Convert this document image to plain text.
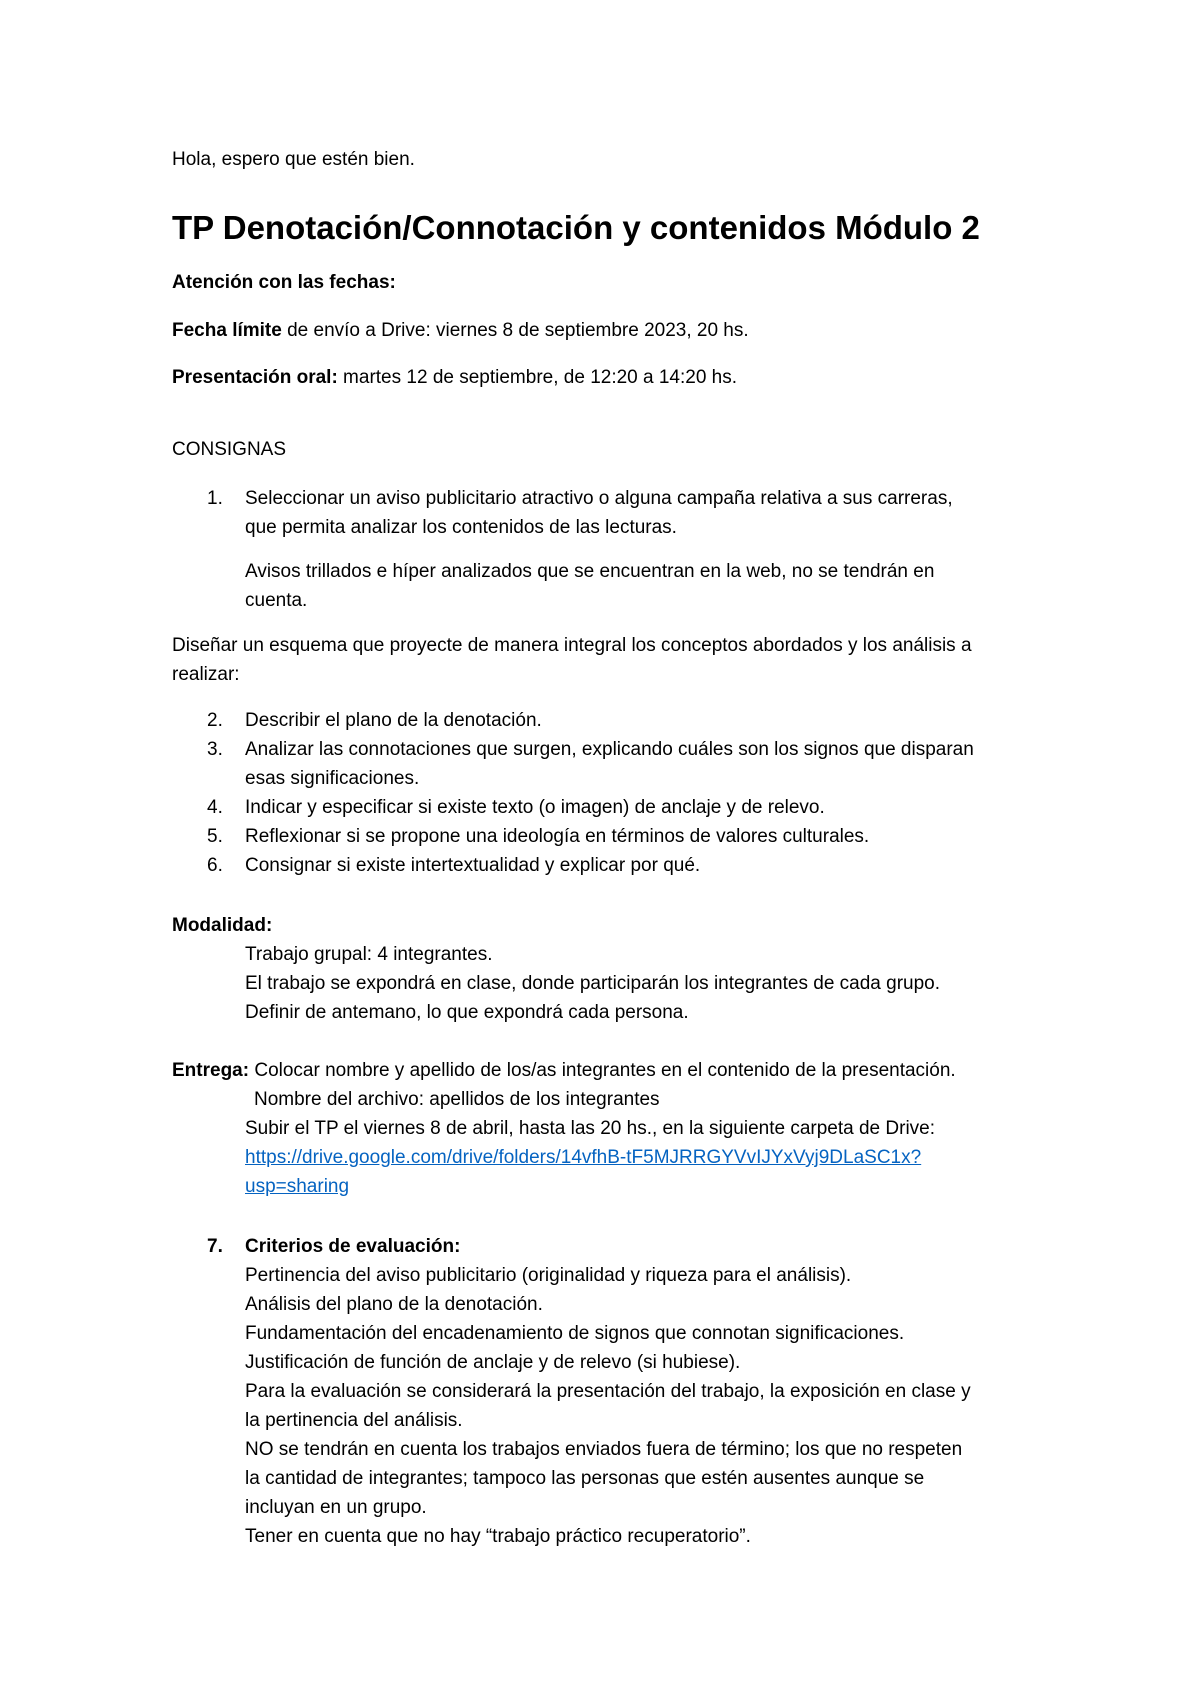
Hola, espero que estén bien.
TP Denotación/Connotación y contenidos Módulo 2
Atención con las fechas:
Fecha límite de envío a Drive: viernes 8 de septiembre 2023, 20 hs.
Presentación oral: martes 12 de septiembre, de 12:20 a 14:20 hs.
CONSIGNAS
1. Seleccionar un aviso publicitario atractivo o alguna campaña relativa a sus carreras,
que permita analizar los contenidos de las lecturas.
Avisos trillados e híper analizados que se encuentran en la web, no se tendrán en
cuenta.
Diseñar un esquema que proyecte de manera integral los conceptos abordados y los análisis a
realizar:
2. Describir el plano de la denotación.
3. Analizar las connotaciones que surgen, explicando cuáles son los signos que disparan
esas significaciones.
4. Indicar y especificar si existe texto (o imagen) de anclaje y de relevo.
5. Reflexionar si se propone una ideología en términos de valores culturales.
6. Consignar si existe intertextualidad y explicar por qué.
Modalidad:
Trabajo grupal: 4 integrantes.
El trabajo se expondrá en clase, donde participarán los integrantes de cada grupo.
Definir de antemano, lo que expondrá cada persona.
Entrega: Colocar nombre y apellido de los/as integrantes en el contenido de la presentación.
Nombre del archivo: apellidos de los integrantes
Subir el TP el viernes 8 de abril, hasta las 20 hs., en la siguiente carpeta de Drive:
https://drive.google.com/drive/folders/14vfhB-tF5MJRRGYVvIJYxVyj9DLaSC1x?
usp=sharing
7. Criterios de evaluación:
Pertinencia del aviso publicitario (originalidad y riqueza para el análisis).
Análisis del plano de la denotación.
Fundamentación del encadenamiento de signos que connotan significaciones.
Justificación de función de anclaje y de relevo (si hubiese).
Para la evaluación se considerará la presentación del trabajo, la exposición en clase y
la pertinencia del análisis.
NO se tendrán en cuenta los trabajos enviados fuera de término; los que no respeten
la cantidad de integrantes; tampoco las personas que estén ausentes aunque se
incluyan en un grupo.
Tener en cuenta que no hay “trabajo práctico recuperatorio”.
